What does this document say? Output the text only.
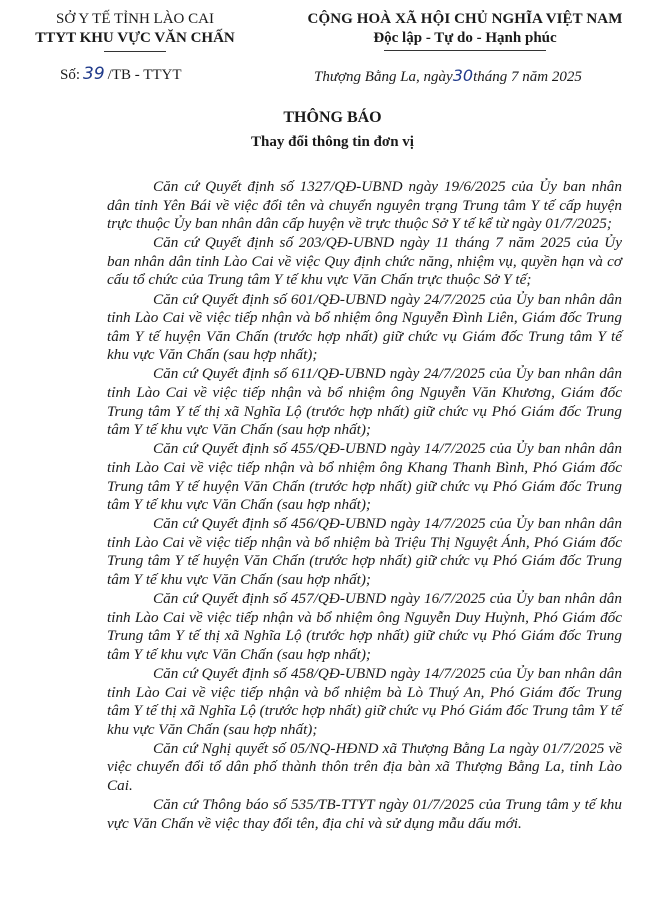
SỞ Y TẾ TỈNH LÀO CAI
TTYT KHU VỰC VĂN CHẤN
CỘNG HOÀ XÃ HỘI CHỦ NGHĨA VIỆT NAM
Độc lập - Tự do - Hạnh phúc
Số: 39 /TB - TTYT	Thượng Bằng La, ngày30tháng 7 năm 2025
THÔNG BÁO
Thay đổi thông tin đơn vị

Căn cứ Quyết định số 1327/QĐ-UBND ngày 19/6/2025 của Ủy ban nhân dân tỉnh Yên Bái về việc đổi tên và chuyển nguyên trạng Trung tâm Y tế cấp huyện trực thuộc Ủy ban nhân dân cấp huyện về trực thuộc Sở Y tế kể từ ngày 01/7/2025;

Căn cứ Quyết định số 203/QĐ-UBND ngày 11 tháng 7 năm 2025 của Ủy ban nhân dân tỉnh Lào Cai về việc Quy định chức năng, nhiệm vụ, quyền hạn và cơ cấu tổ chức của Trung tâm Y tế khu vực Văn Chấn trực thuộc Sở Y tế;

Căn cứ Quyết định số 601/QĐ-UBND ngày 24/7/2025 của Ủy ban nhân dân tỉnh Lào Cai về việc tiếp nhận và bổ nhiệm ông Nguyễn Đình Liên, Giám đốc Trung tâm Y tế huyện Văn Chấn (trước hợp nhất) giữ chức vụ Giám đốc Trung tâm Y tế khu vực Văn Chấn (sau hợp nhất);

Căn cứ Quyết định số 611/QĐ-UBND ngày 24/7/2025 của Ủy ban nhân dân tỉnh Lào Cai về việc tiếp nhận và bổ nhiệm ông Nguyễn Văn Khương, Giám đốc Trung tâm Y tế thị xã Nghĩa Lộ (trước hợp nhất) giữ chức vụ Phó Giám đốc Trung tâm Y tế khu vực Văn Chấn (sau hợp nhất);

Căn cứ Quyết định số 455/QĐ-UBND ngày 14/7/2025 của Ủy ban nhân dân tỉnh Lào Cai về việc tiếp nhận và bổ nhiệm ông Khang Thanh Bình, Phó Giám đốc Trung tâm Y tế huyện Văn Chấn (trước hợp nhất) giữ chức vụ Phó Giám đốc Trung tâm Y tế khu vực Văn Chấn (sau hợp nhất);

Căn cứ Quyết định số 456/QĐ-UBND ngày 14/7/2025 của Ủy ban nhân dân tỉnh Lào Cai về việc tiếp nhận và bổ nhiệm bà Triệu Thị Nguyệt Ánh, Phó Giám đốc Trung tâm Y tế huyện Văn Chấn (trước hợp nhất) giữ chức vụ Phó Giám đốc Trung tâm Y tế khu vực Văn Chấn (sau hợp nhất);

Căn cứ Quyết định số 457/QĐ-UBND ngày 16/7/2025 của Ủy ban nhân dân tỉnh Lào Cai về việc tiếp nhận và bổ nhiệm ông Nguyễn Duy Huỳnh, Phó Giám đốc Trung tâm Y tế thị xã Nghĩa Lộ (trước hợp nhất) giữ chức vụ Phó Giám đốc Trung tâm Y tế khu vực Văn Chấn (sau hợp nhất);

Căn cứ Quyết định số 458/QĐ-UBND ngày 14/7/2025 của Ủy ban nhân dân tỉnh Lào Cai về việc tiếp nhận và bổ nhiệm bà Lò Thuý An, Phó Giám đốc Trung tâm Y tế thị xã Nghĩa Lộ (trước hợp nhất) giữ chức vụ Phó Giám đốc Trung tâm Y tế khu vực Văn Chấn (sau hợp nhất);

Căn cứ Nghị quyết số 05/NQ-HĐND xã Thượng Bằng La ngày 01/7/2025 về việc chuyển đổi tổ dân phố thành thôn trên địa bàn xã Thượng Bằng La, tỉnh Lào Cai.

Căn cứ Thông báo số 535/TB-TTYT ngày 01/7/2025 của Trung tâm y tế khu vực Văn Chấn về việc thay đổi tên, địa chỉ và sử dụng mẫu dấu mới.
